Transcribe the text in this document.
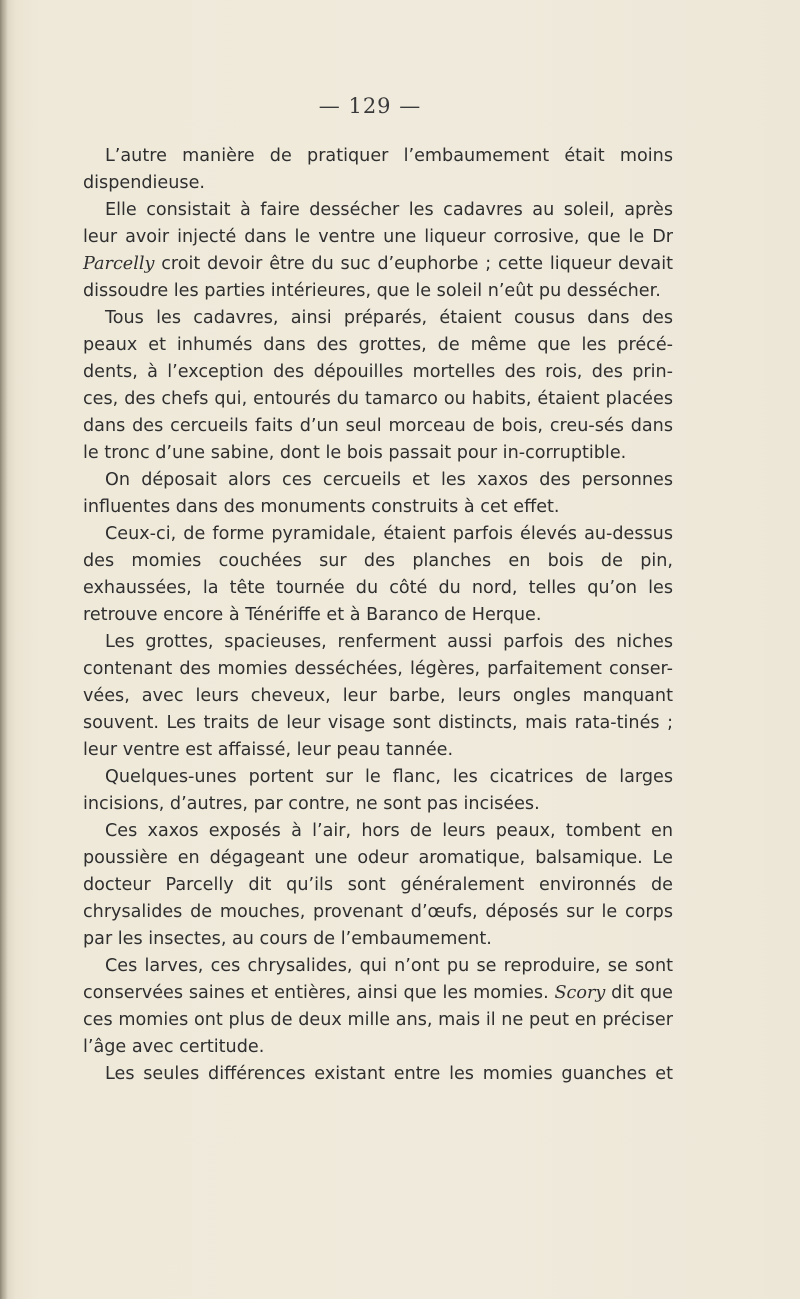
— 129 —

L’autre manière de pratiquer l’embaumement était moins dispendieuse.

Elle consistait à faire dessécher les cadavres au soleil, après leur avoir injecté dans le ventre une liqueur corrosive, que le Dr Parcelly croit devoir être du suc d’euphorbe ; cette liqueur devait dissoudre les parties intérieures, que le soleil n’eût pu dessécher.

Tous les cadavres, ainsi préparés, étaient cousus dans des peaux et inhumés dans des grottes, de même que les précé-dents, à l’exception des dépouilles mortelles des rois, des prin-ces, des chefs qui, entourés du tamarco ou habits, étaient placées dans des cercueils faits d’un seul morceau de bois, creu-sés dans le tronc d’une sabine, dont le bois passait pour in-corruptible.

On déposait alors ces cercueils et les xaxos des personnes influentes dans des monuments construits à cet effet.

Ceux-ci, de forme pyramidale, étaient parfois élevés au-dessus des momies couchées sur des planches en bois de pin, exhaussées, la tête tournée du côté du nord, telles qu’on les retrouve encore à Ténériffe et à Baranco de Herque.

Les grottes, spacieuses, renferment aussi parfois des niches contenant des momies desséchées, légères, parfaitement conser-vées, avec leurs cheveux, leur barbe, leurs ongles manquant souvent. Les traits de leur visage sont distincts, mais rata-tinés ; leur ventre est affaissé, leur peau tannée.

Quelques-unes portent sur le flanc, les cicatrices de larges incisions, d’autres, par contre, ne sont pas incisées.

Ces xaxos exposés à l’air, hors de leurs peaux, tombent en poussière en dégageant une odeur aromatique, balsamique. Le docteur Parcelly dit qu’ils sont généralement environnés de chrysalides de mouches, provenant d’œufs, déposés sur le corps par les insectes, au cours de l’embaumement.

Ces larves, ces chrysalides, qui n’ont pu se reproduire, se sont conservées saines et entières, ainsi que les momies. Scory dit que ces momies ont plus de deux mille ans, mais il ne peut en préciser l’âge avec certitude.

Les seules différences existant entre les momies guanches et
